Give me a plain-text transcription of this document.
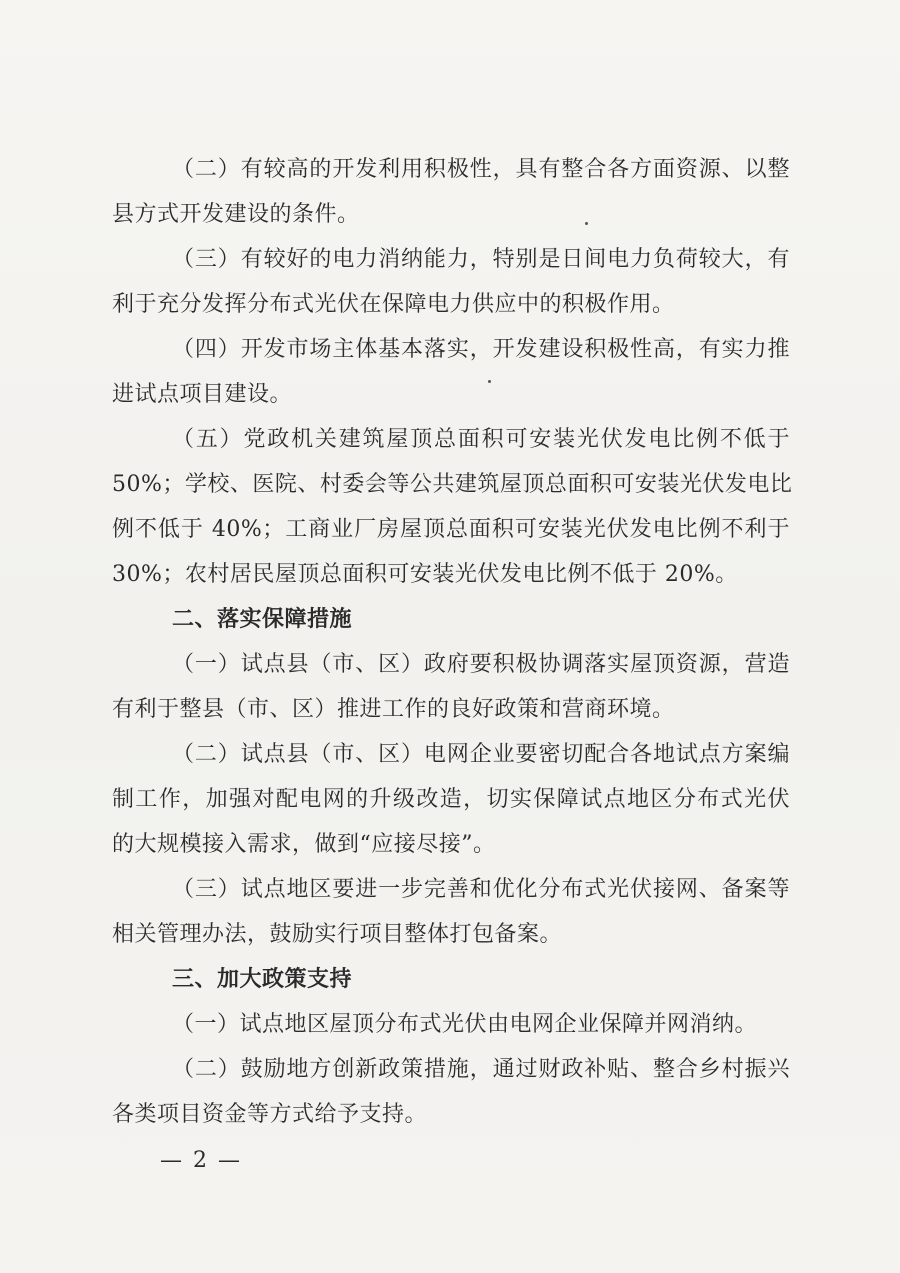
（二）有较高的开发利用积极性，具有整合各方面资源、以整
县方式开发建设的条件。
（三）有较好的电力消纳能力，特别是日间电力负荷较大，有
利于充分发挥分布式光伏在保障电力供应中的积极作用。
（四）开发市场主体基本落实，开发建设积极性高，有实力推
进试点项目建设。
（五）党政机关建筑屋顶总面积可安装光伏发电比例不低于
50%；学校、医院、村委会等公共建筑屋顶总面积可安装光伏发电比
例不低于 40%；工商业厂房屋顶总面积可安装光伏发电比例不利于
30%；农村居民屋顶总面积可安装光伏发电比例不低于 20%。
二、落实保障措施
（一）试点县（市、区）政府要积极协调落实屋顶资源，营造
有利于整县（市、区）推进工作的良好政策和营商环境。
（二）试点县（市、区）电网企业要密切配合各地试点方案编
制工作，加强对配电网的升级改造，切实保障试点地区分布式光伏
的大规模接入需求，做到“应接尽接”。
（三）试点地区要进一步完善和优化分布式光伏接网、备案等
相关管理办法，鼓励实行项目整体打包备案。
三、加大政策支持
（一）试点地区屋顶分布式光伏由电网企业保障并网消纳。
（二）鼓励地方创新政策措施，通过财政补贴、整合乡村振兴
各类项目资金等方式给予支持。
— 2 —
